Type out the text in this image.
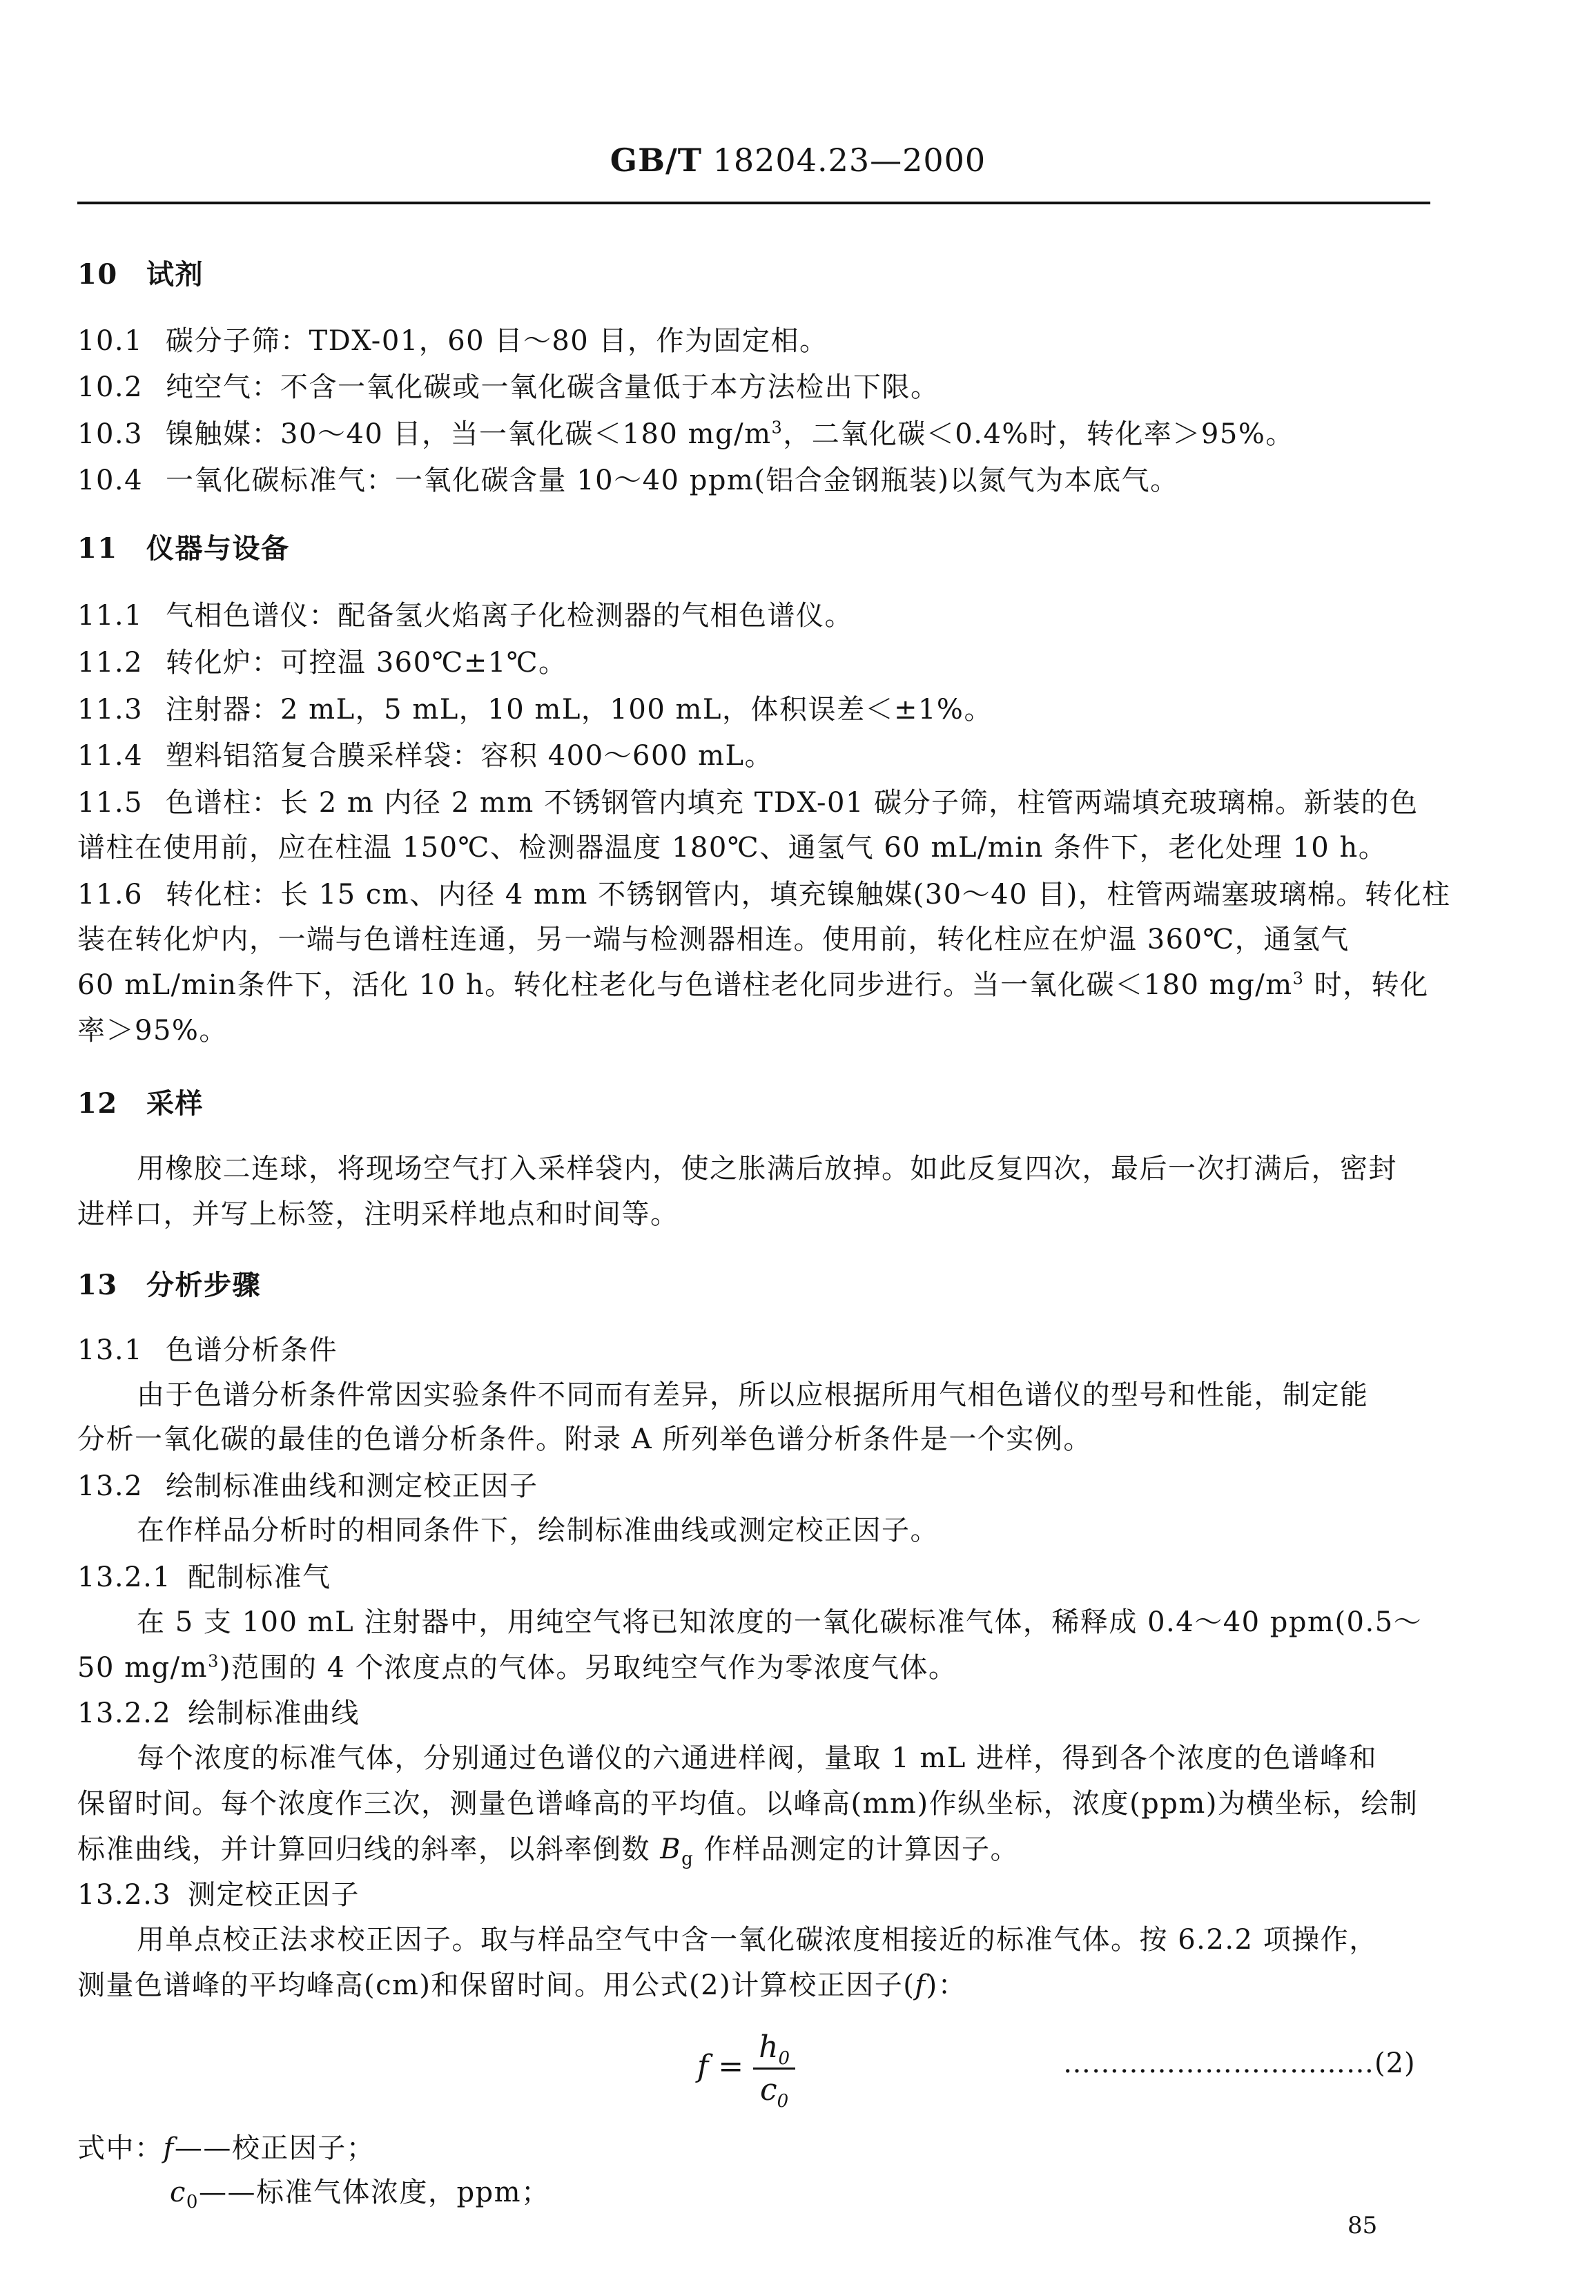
GB/T 18204.23—2000
10 试剂
10.1 碳分子筛：TDX-01，60 目～80 目，作为固定相。
10.2 纯空气：不含一氧化碳或一氧化碳含量低于本方法检出下限。
10.3 镍触媒：30～40 目，当一氧化碳＜180 $mg/m^3$，二氧化碳＜0.4%时，转化率＞95%。
10.4 一氧化碳标准气：一氧化碳含量 10～40 ppm(铝合金钢瓶装)以氮气为本底气。
11 仪器与设备
11.1 气相色谱仪：配备氢火焰离子化检测器的气相色谱仪。
11.2 转化炉：可控温 360℃±1℃。
11.3 注射器：2 mL，5 mL，10 mL，100 mL，体积误差＜±1%。
11.4 塑料铝箔复合膜采样袋：容积 400～600 mL。
11.5 色谱柱：长 2 m 内径 2 mm 不锈钢管内填充 TDX-01 碳分子筛，柱管两端填充玻璃棉。新装的色
谱柱在使用前，应在柱温 150℃、检测器温度 180℃、通氢气 60 mL/min 条件下，老化处理 10 h。
11.6 转化柱：长 15 cm、内径 4 mm 不锈钢管内，填充镍触媒(30～40 目)，柱管两端塞玻璃棉。转化柱
装在转化炉内，一端与色谱柱连通，另一端与检测器相连。使用前，转化柱应在炉温 360℃，通氢气
60 mL/min条件下，活化 10 h。转化柱老化与色谱柱老化同步进行。当一氧化碳＜180 $mg/m^3$ 时，转化
率＞95%。
12 采样
用橡胶二连球，将现场空气打入采样袋内，使之胀满后放掉。如此反复四次，最后一次打满后，密封
进样口，并写上标签，注明采样地点和时间等。
13 分析步骤
13.1 色谱分析条件
由于色谱分析条件常因实验条件不同而有差异，所以应根据所用气相色谱仪的型号和性能，制定能
分析一氧化碳的最佳的色谱分析条件。附录 A 所列举色谱分析条件是一个实例。
13.2 绘制标准曲线和测定校正因子
在作样品分析时的相同条件下，绘制标准曲线或测定校正因子。
13.2.1 配制标准气
在 5 支 100 mL 注射器中，用纯空气将已知浓度的一氧化碳标准气体，稀释成 0.4～40 ppm(0.5～
50 $mg/m^3$)范围的 4 个浓度点的气体。另取纯空气作为零浓度气体。
13.2.2 绘制标准曲线
每个浓度的标准气体，分别通过色谱仪的六通进样阀，量取 1 mL 进样，得到各个浓度的色谱峰和
保留时间。每个浓度作三次，测量色谱峰高的平均值。以峰高(mm)作纵坐标，浓度(ppm)为横坐标，绘制
标准曲线，并计算回归线的斜率，以斜率倒数 $B_g$ 作样品测定的计算因子。
13.2.3 测定校正因子
用单点校正法求校正因子。取与样品空气中含一氧化碳浓度相接近的标准气体。按 6.2.2 项操作，
测量色谱峰的平均峰高(cm)和保留时间。用公式(2)计算校正因子(f)：
$f = \frac{h_0}{c_0}$	……………………………(2)
式中：f——校正因子；
$c_0——$标准气体浓度，ppm；
85
